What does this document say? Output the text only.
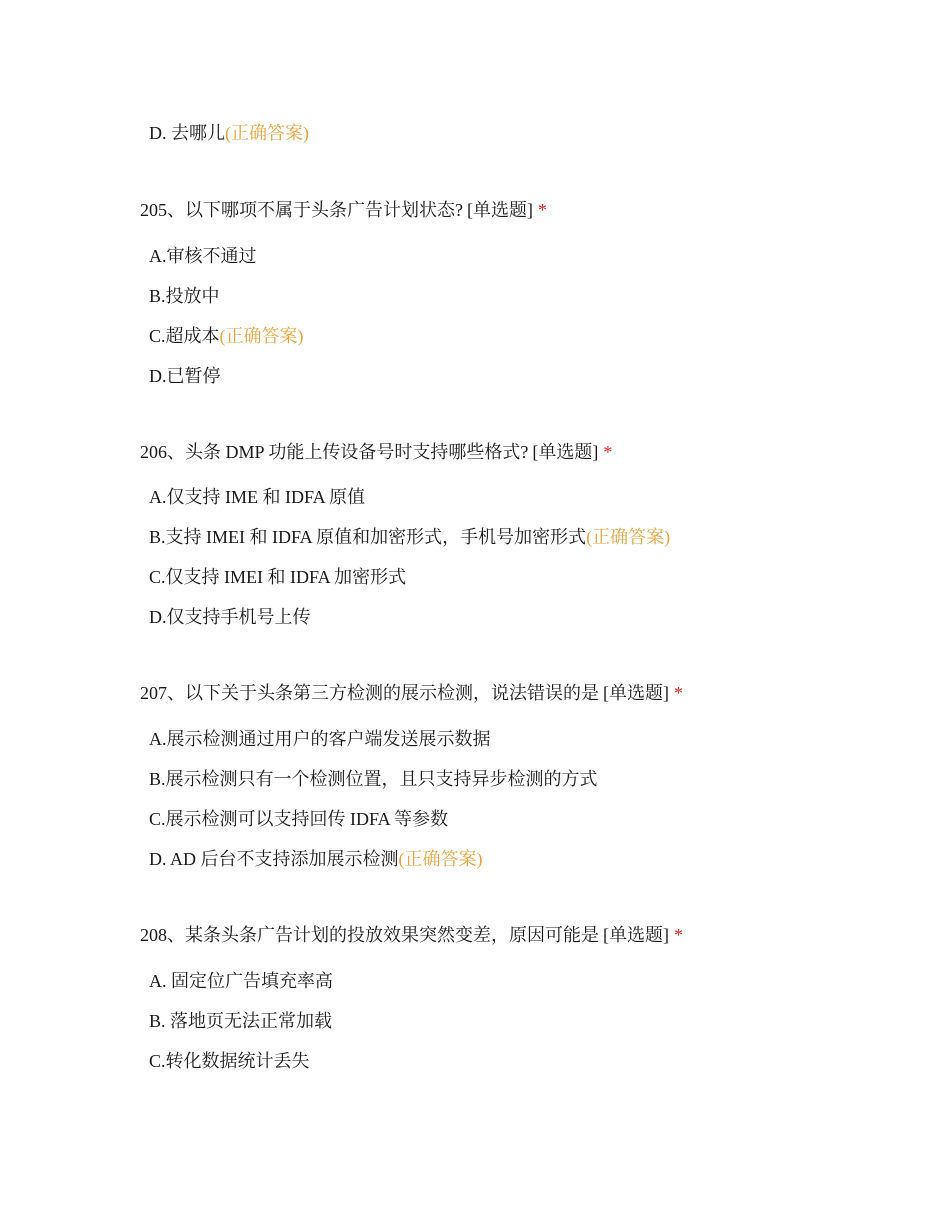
D. 去哪儿(正确答案)

205、以下哪项不属于头条广告计划状态? [单选题] *

A.审核不通过
B.投放中
C.超成本(正确答案)
D.已暂停

206、头条 DMP 功能上传设备号时支持哪些格式? [单选题] *

A.仅支持 IME 和 IDFA 原值
B.支持 IMEI 和 IDFA 原值和加密形式，手机号加密形式(正确答案)
C.仅支持 IMEI 和 IDFA 加密形式
D.仅支持手机号上传

207、以下关于头条第三方检测的展示检测，说法错误的是 [单选题] *

A.展示检测通过用户的客户端发送展示数据
B.展示检测只有一个检测位置，且只支持异步检测的方式
C.展示检测可以支持回传 IDFA 等参数
D. AD 后台不支持添加展示检测(正确答案)

208、某条头条广告计划的投放效果突然变差，原因可能是 [单选题] *

A. 固定位广告填充率高
B. 落地页无法正常加载
C.转化数据统计丢失
